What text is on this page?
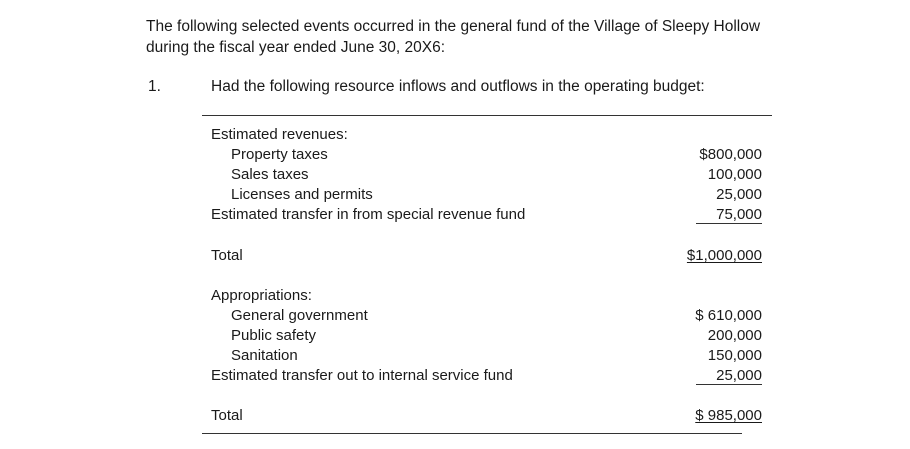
The following selected events occurred in the general fund of the Village of Sleepy Hollow
during the fiscal year ended June 30, 20X6:
1.	Had the following resource inflows and outflows in the operating budget:
Estimated revenues:
Property taxes	$800,000
Sales taxes	100,000
Licenses and permits	25,000
Estimated transfer in from special revenue fund	75,000
Total	$1,000,000
Appropriations:
General government	$ 610,000
Public safety	200,000
Sanitation	150,000
Estimated transfer out to internal service fund	25,000
Total	$ 985,000
